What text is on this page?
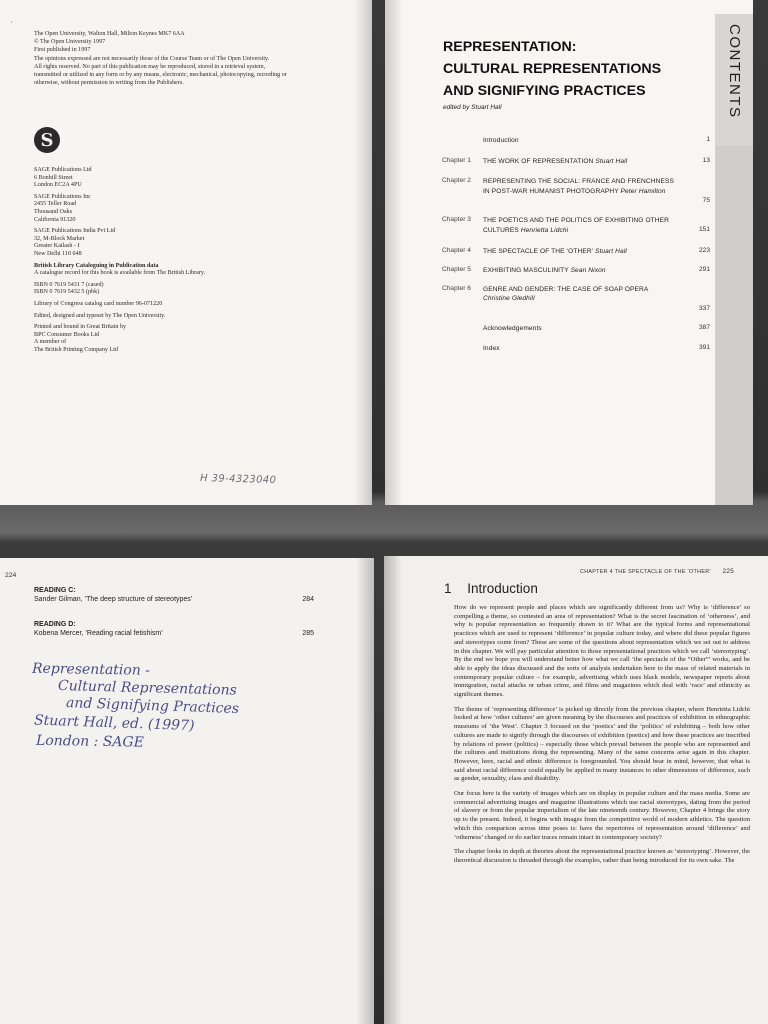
·

The Open University, Walton Hall, Milton Keynes MK7 6AA

© The Open University 1997

First published in 1997

The opinions expressed are not necessarily those of the Course Team or of The Open University.

All rights reserved. No part of this publication may be reproduced, stored in a retrieval system, transmitted or utilized in any form or by any means, electronic, mechanical, photocopying, recording or otherwise, without permission in writing from the Publishers.

S
SAGE Publications Ltd
6 Bonhill Street
London EC2A 4PU
SAGE Publications Inc
2455 Teller Road
Thousand Oaks
California 91320
SAGE Publications India Pvt Ltd
32, M-Block Market
Greater Kailash - I
New Delhi 110 048
British Library Cataloguing in Publication data
A catalogue record for this book is available from The British Library.
ISBN 0 7619 5431 7 (cased)
ISBN 0 7619 5432 5 (pbk)
Library of Congress catalog card number 96-071220
Edited, designed and typeset by The Open University.
Printed and bound in Great Britain by
BPC Consumer Books Ltd
A member of
The British Printing Company Ltd
H 39-4323040
CONTENTS
REPRESENTATION:
CULTURAL REPRESENTATIONS
AND SIGNIFYING PRACTICES
edited by Stuart Hall
Introduction	1
Chapter 1	THE WORK OF REPRESENTATION Stuart Hall	13
Chapter 2	REPRESENTING THE SOCIAL: FRANCE AND FRENCHNESS IN POST-WAR HUMANIST PHOTOGRAPHY Peter Hamilton
75
Chapter 3	THE POETICS AND THE POLITICS OF EXHIBITING OTHER CULTURES Henrietta Lidchi	151
Chapter 4	THE SPECTACLE OF THE ‘OTHER’ Stuart Hall	223
Chapter 5	EXHIBITING MASCULINITY Sean Nixon	291
Chapter 6	GENRE AND GENDER: THE CASE OF SOAP OPERA
Christine Gledhill
337
Acknowledgements	387
Index	391
224
READING C:
Sander Gilman, ‘The deep structure of stereotypes’	284
READING D:
Kobena Mercer, ‘Reading racial fetishism’	285
Representation -
Cultural Representations
and Signifying Practices
Stuart Hall, ed. (1997)
London : SAGE
CHAPTER 4 THE SPECTACLE OF THE ‘OTHER’ 225
1 Introduction

How do we represent people and places which are significantly different from us? Why is ‘difference’ so compelling a theme, so contested an area of representation? What is the secret fascination of ‘otherness’, and why is popular representation so frequently drawn to it? What are the typical forms and representational practices which are used to represent ‘difference’ in popular culture today, and where did these popular figures and stereotypes come from? These are some of the questions about representation which we set out to address in this chapter. We will pay particular attention to those representational practices which we call ‘stereotyping’. By the end we hope you will understand better how what we call ‘the spectacle of the “Other”’ works, and be able to apply the ideas discussed and the sorts of analysis undertaken here to the mass of related materials in contemporary popular culture – for example, advertising which uses black models, newspaper reports about immigration, racial attacks or urban crime, and films and magazines which deal with ‘race’ and ethnicity as significant themes.

The theme of ‘representing difference’ is picked up directly from the previous chapter, where Henrietta Lidchi looked at how ‘other cultures’ are given meaning by the discourses and practices of exhibition in ethnographic museums of ‘the West’. Chapter 3 focused on the ‘poetics’ and the ‘politics’ of exhibiting – both how other cultures are made to signify through the discourses of exhibition (poetics) and how these practices are inscribed by relations of power (politics) – especially those which prevail between the people who are represented and the cultures and institutions doing the representing. Many of the same concerns arise again in this chapter. However, here, racial and ethnic difference is foregrounded. You should bear in mind, however, that what is said about racial difference could equally be applied in many instances to other dimensions of difference, such as gender, sexuality, class and disability.

Our focus here is the variety of images which are on display in popular culture and the mass media. Some are commercial advertising images and magazine illustrations which use racial stereotypes, dating from the period of slavery or from the popular imperialism of the late nineteenth century. However, Chapter 4 brings the story up to the present. Indeed, it begins with images from the competitive world of modern athletics. The question which this comparison across time poses is: have the repertoires of representation around ‘difference’ and ‘otherness’ changed or do earlier traces remain intact in contemporary society?

The chapter looks in depth at theories about the representational practice known as ‘stereotyping’. However, the theoretical discussion is threaded through the examples, rather than being introduced for its own sake. The
